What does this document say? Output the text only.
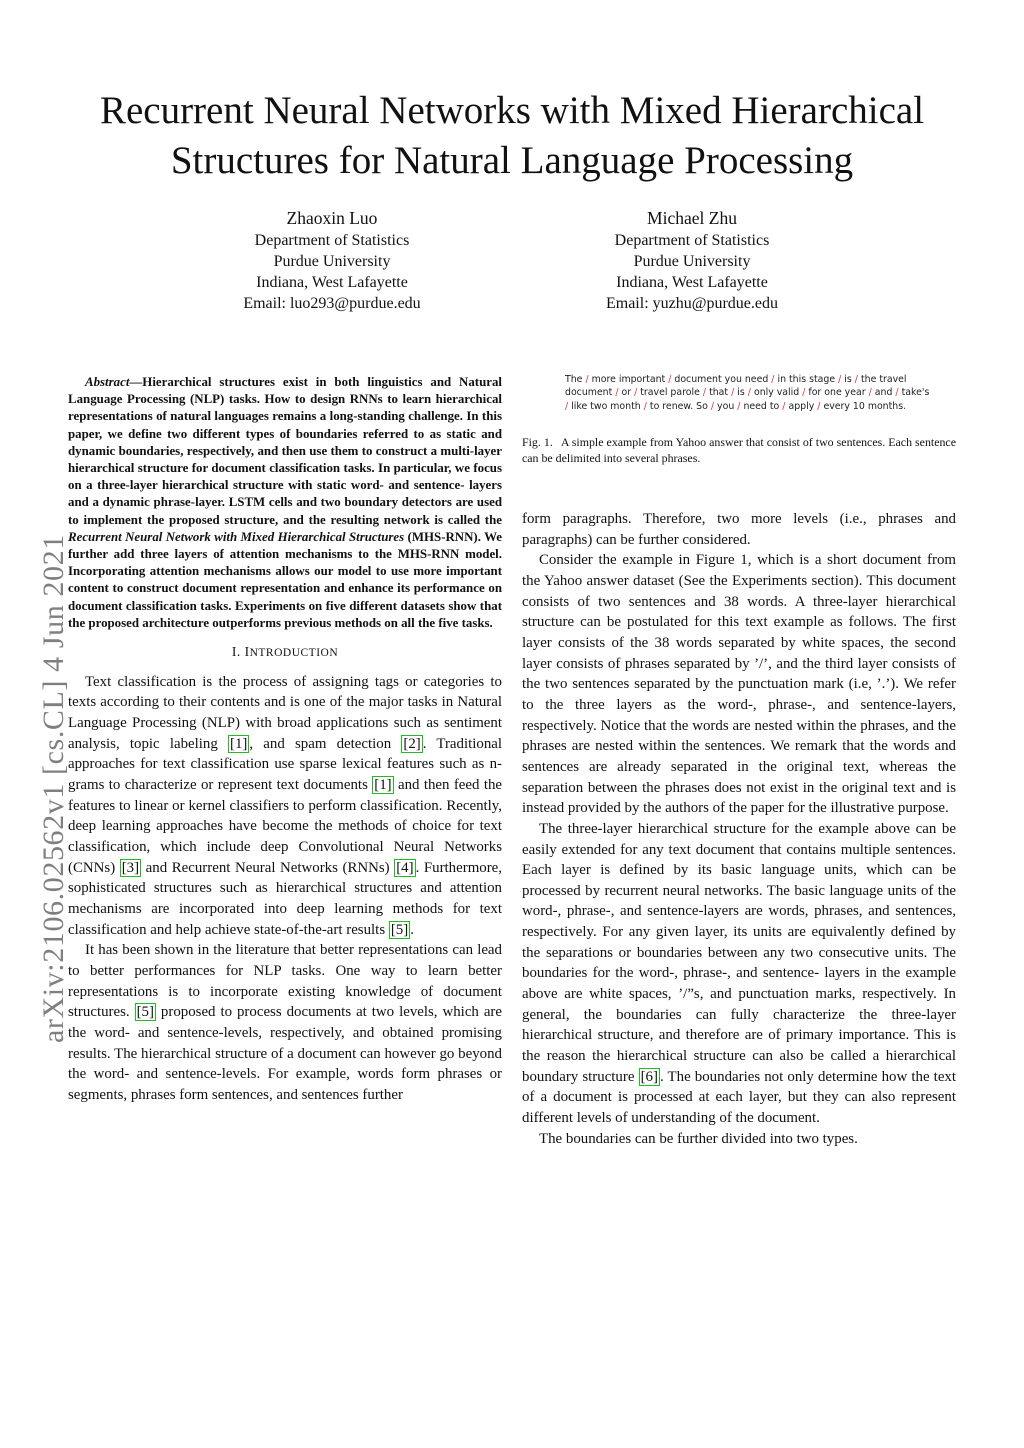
Recurrent Neural Networks with Mixed Hierarchical Structures for Natural Language Processing
Zhaoxin Luo
Department of Statistics
Purdue University
Indiana, West Lafayette
Email: luo293@purdue.edu
Michael Zhu
Department of Statistics
Purdue University
Indiana, West Lafayette
Email: yuzhu@purdue.edu
arXiv:2106.02562v1 [cs.CL] 4 Jun 2021

Abstract—Hierarchical structures exist in both linguistics and Natural Language Processing (NLP) tasks. How to design RNNs to learn hierarchical representations of natural languages remains a long-standing challenge. In this paper, we define two different types of boundaries referred to as static and dynamic boundaries, respectively, and then use them to construct a multi-layer hierarchical structure for document classification tasks. In particular, we focus on a three-layer hierarchical structure with static word- and sentence- layers and a dynamic phrase-layer. LSTM cells and two boundary detectors are used to implement the proposed structure, and the resulting network is called the Recurrent Neural Network with Mixed Hierarchical Structures (MHS-RNN). We further add three layers of attention mechanisms to the MHS-RNN model. Incorporating attention mechanisms allows our model to use more important content to construct document representation and enhance its performance on document classification tasks. Experiments on five different datasets show that the proposed architecture outperforms previous methods on all the five tasks.

I. INTRODUCTION

Text classification is the process of assigning tags or categories to texts according to their contents and is one of the major tasks in Natural Language Processing (NLP) with broad applications such as sentiment analysis, topic labeling [1] , and spam detection [2] . Traditional approaches for text classification use sparse lexical features such as n-grams to characterize or represent text documents [1] and then feed the features to linear or kernel classifiers to perform classification. Recently, deep learning approaches have become the methods of choice for text classification, which include deep Convolutional Neural Networks (CNNs) [3] and Recurrent Neural Networks (RNNs) [4] . Furthermore, sophisticated structures such as hierarchical structures and attention mechanisms are incorporated into deep learning methods for text classification and help achieve state-of-the-art results [5] .

It has been shown in the literature that better representations can lead to better performances for NLP tasks. One way to learn better representations is to incorporate existing knowledge of document structures. [5] proposed to process documents at two levels, which are the word- and sentence-levels, respectively, and obtained promising results. The hierarchical structure of a document can however go beyond the word- and sentence-levels. For example, words form phrases or segments, phrases form sentences, and sentences further

The / more important / document you need / in this stage / is / the travel
document / or / travel parole / that / is / only valid / for one year / and / take's
/ like two month / to renew. So / you / need to / apply / every 10 months.
Fig. 1. A simple example from Yahoo answer that consist of two sentences. Each sentence can be delimited into several phrases.

form paragraphs. Therefore, two more levels (i.e., phrases and paragraphs) can be further considered.

Consider the example in Figure 1, which is a short document from the Yahoo answer dataset (See the Experiments section). This document consists of two sentences and 38 words. A three-layer hierarchical structure can be postulated for this text example as follows. The first layer consists of the 38 words separated by white spaces, the second layer consists of phrases separated by ’/’, and the third layer consists of the two sentences separated by the punctuation mark (i.e, ’.’). We refer to the three layers as the word-, phrase-, and sentence-layers, respectively. Notice that the words are nested within the phrases, and the phrases are nested within the sentences. We remark that the words and sentences are already separated in the original text, whereas the separation between the phrases does not exist in the original text and is instead provided by the authors of the paper for the illustrative purpose.

The three-layer hierarchical structure for the example above can be easily extended for any text document that contains multiple sentences. Each layer is defined by its basic language units, which can be processed by recurrent neural networks. The basic language units of the word-, phrase-, and sentence-layers are words, phrases, and sentences, respectively. For any given layer, its units are equivalently defined by the separations or boundaries between any two consecutive units. The boundaries for the word-, phrase-, and sentence- layers in the example above are white spaces, ’/”s, and punctuation marks, respectively. In general, the boundaries can fully characterize the three-layer hierarchical structure, and therefore are of primary importance. This is the reason the hierarchical structure can also be called a hierarchical boundary structure [6] . The boundaries not only determine how the text of a document is processed at each layer, but they can also represent different levels of understanding of the document.

The boundaries can be further divided into two types.
